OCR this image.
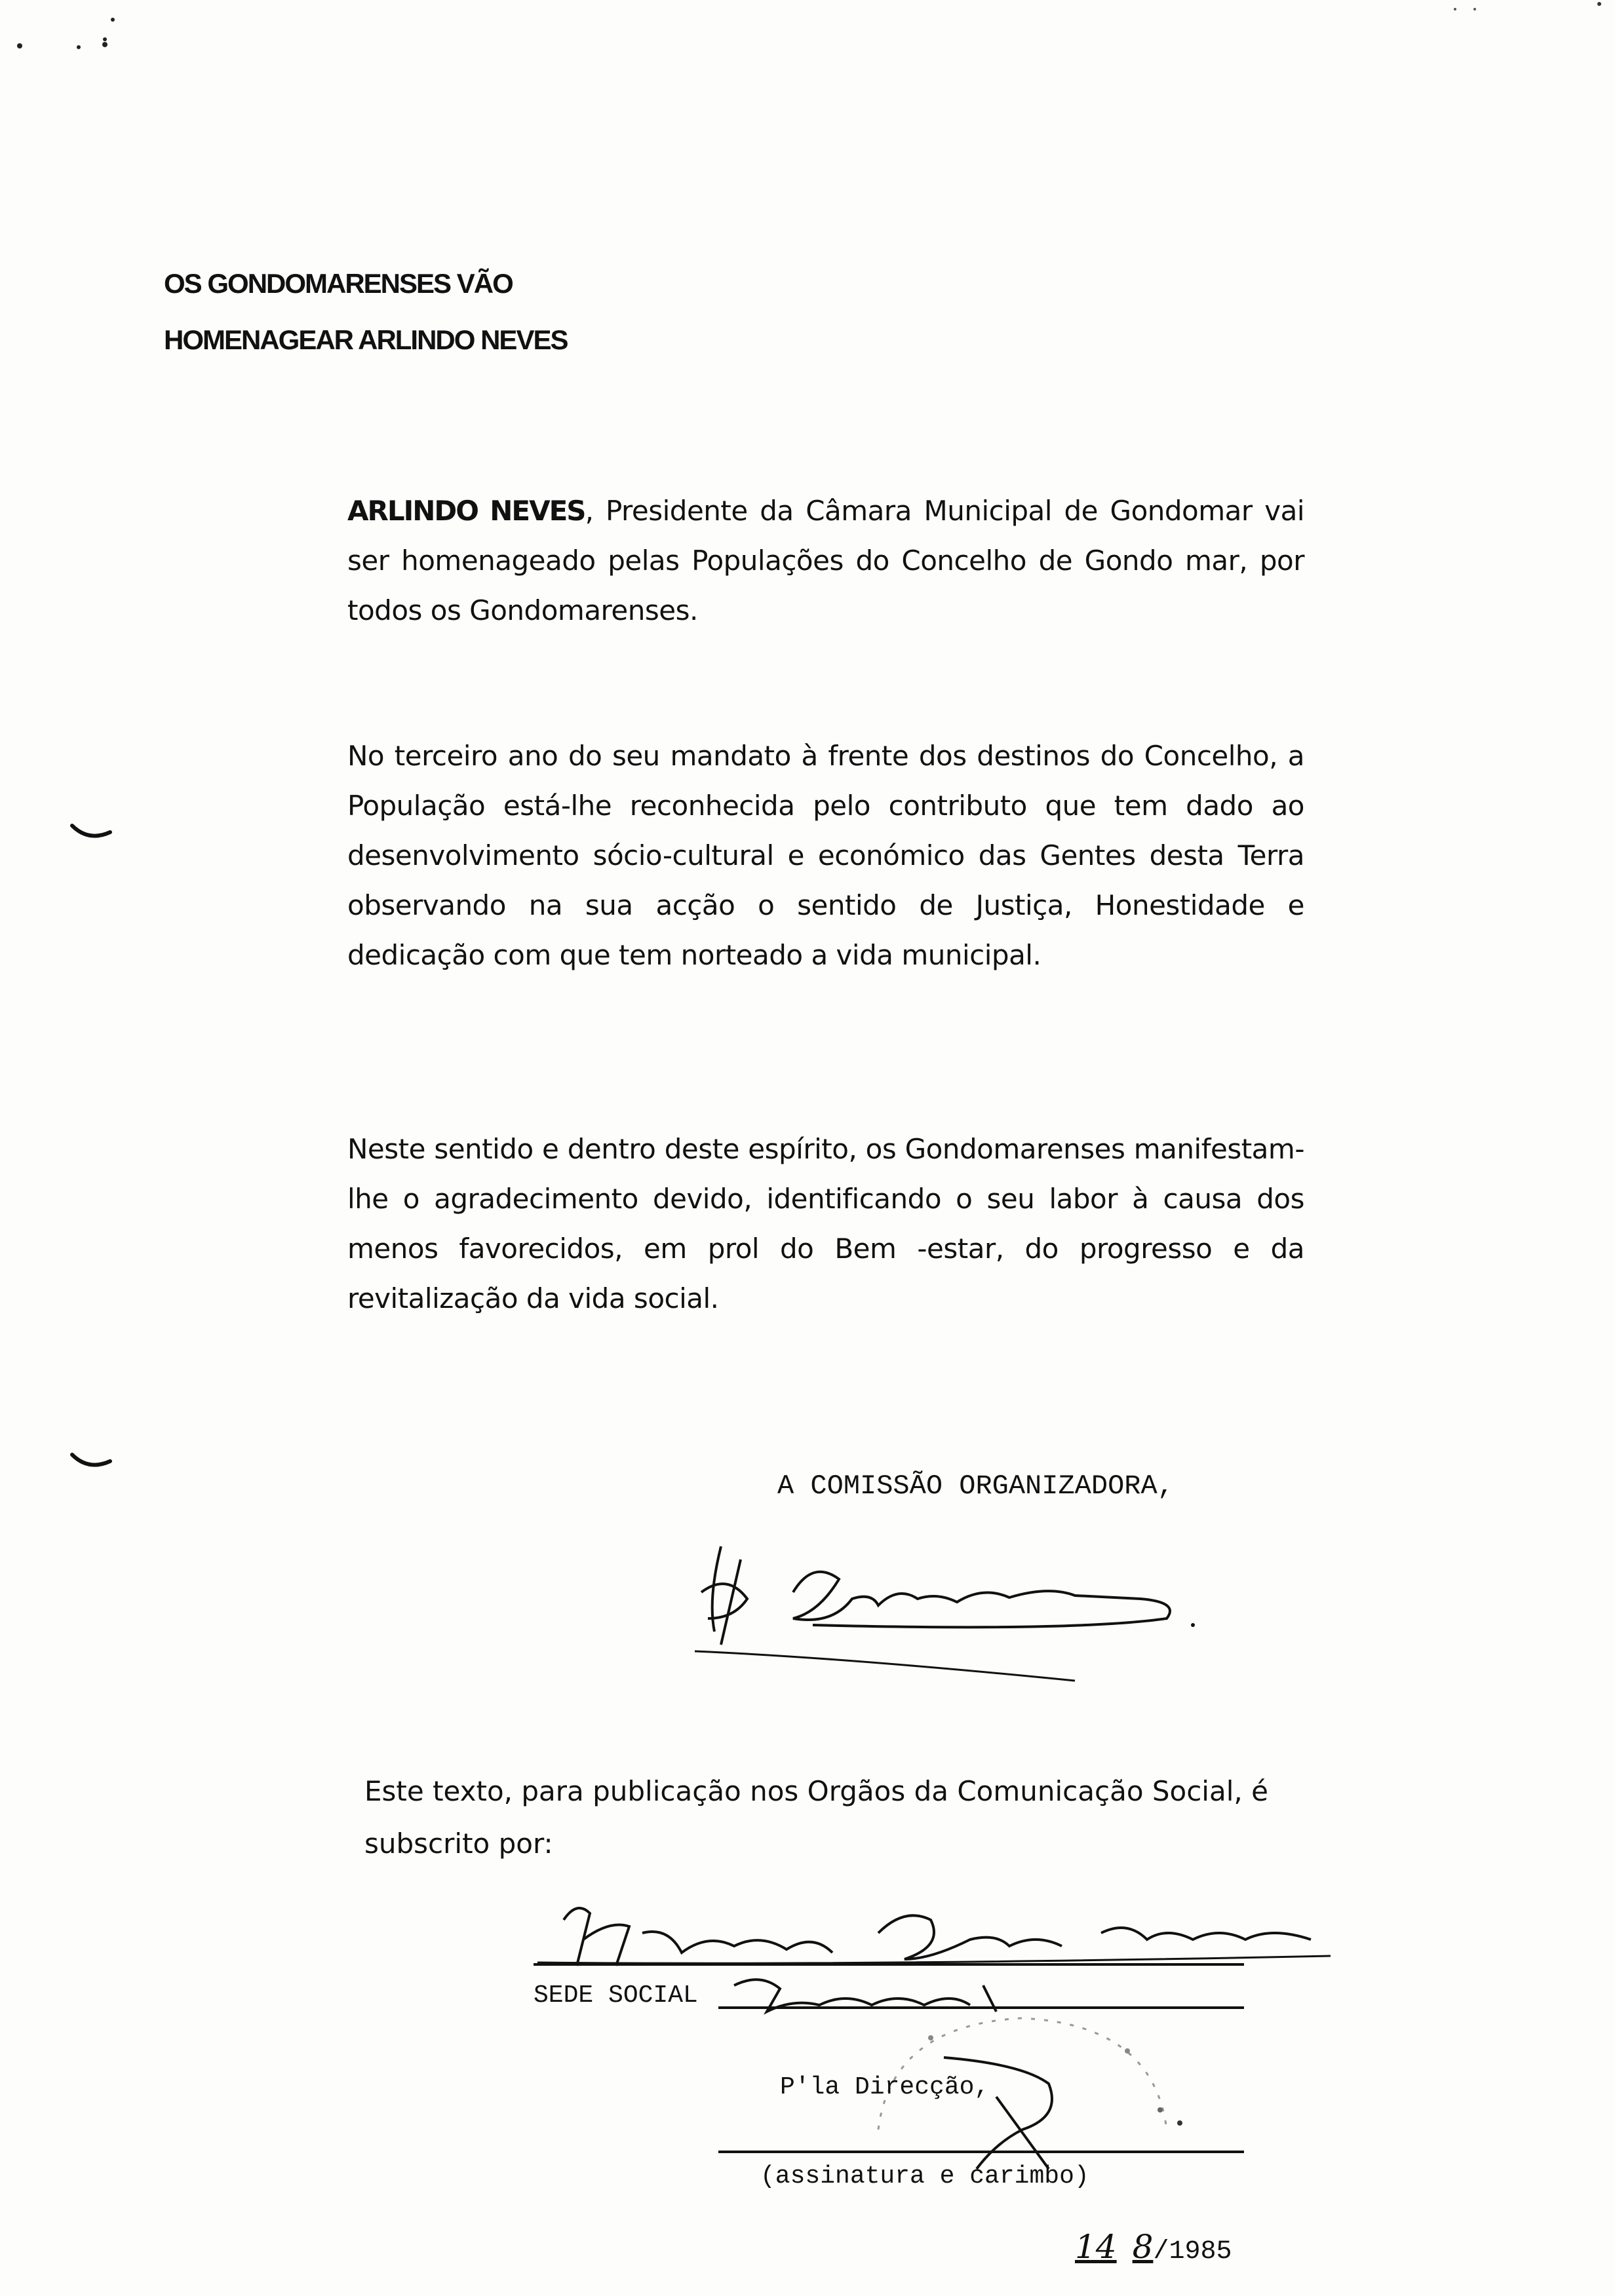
OS GONDOMARENSES VÃO
HOMENAGEAR ARLINDO NEVES
ARLINDO NEVES, Presidente da Câmara Municipal de Gondomar vai ser homenageado pelas Populações do Concelho de Gondo mar, por todos os Gondomarenses.
No terceiro ano do seu mandato à frente dos destinos do Concelho, a População está-lhe reconhecida pelo contributo que tem dado ao desenvolvimento sócio-cultural e económico das Gentes desta Terra observando na sua acção o sentido de Justiça, Honestidade e dedicação com que tem norteado a vida municipal.
Neste sentido e dentro deste espírito, os Gondomarenses manifestam-lhe o agradecimento devido, identificando o seu labor à causa dos menos favorecidos, em prol do Bem -estar, do progresso e da revitalização da vida social.
A COMISSÃO ORGANIZADORA,
Este texto, para publicação nos Orgãos da Comunicação Social, é subscrito por:
SEDE SOCIAL
P'la Direcção,
(assinatura e carimbo)
14 8/1985
